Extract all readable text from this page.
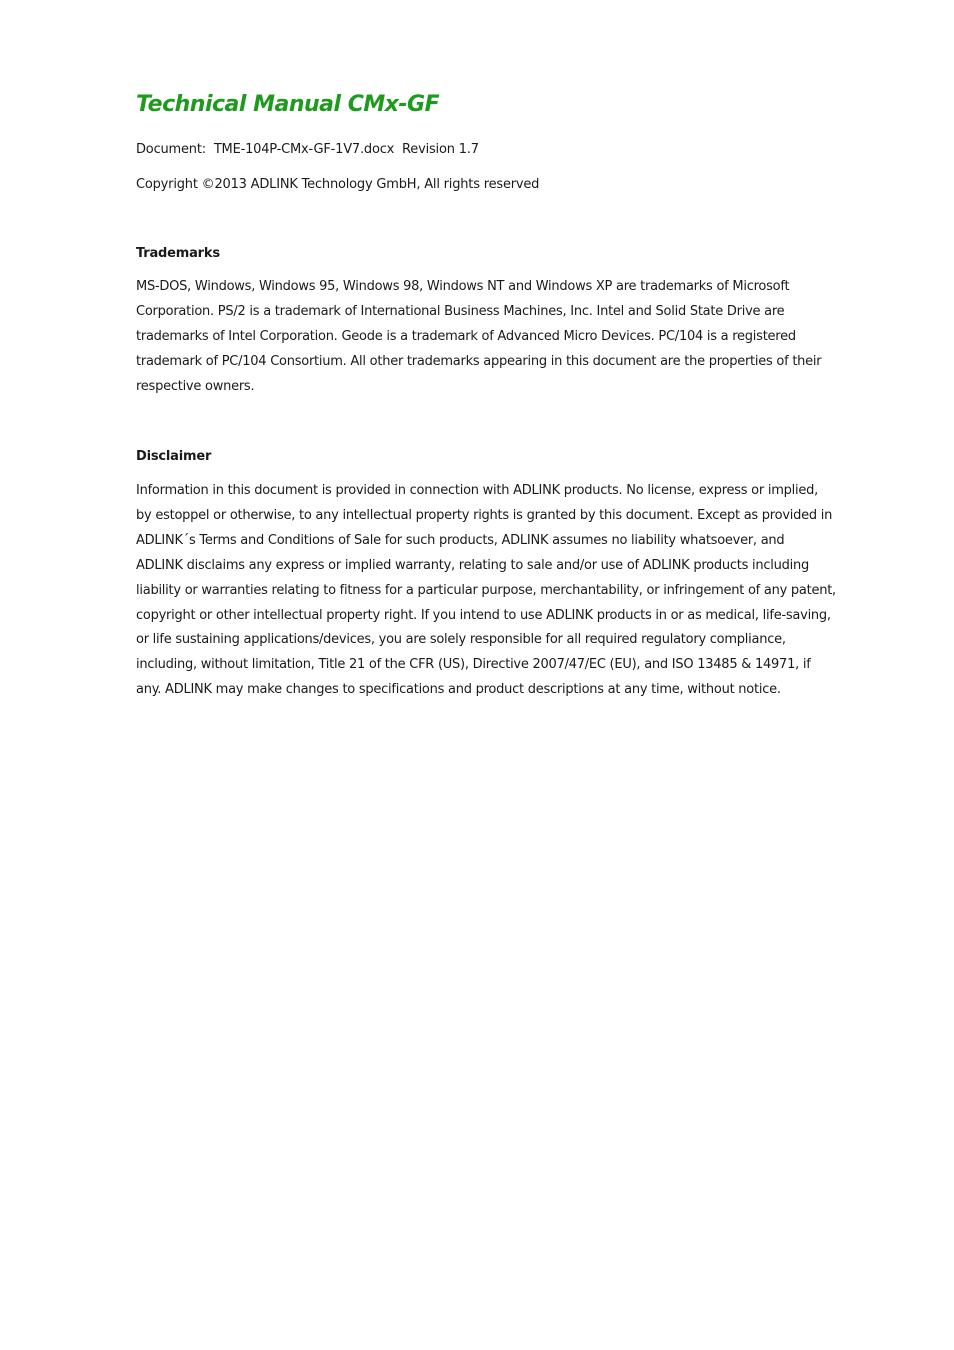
Technical Manual CMx-GF

Document: TME-104P-CMx-GF-1V7.docx Revision 1.7

Copyright ©2013 ADLINK Technology GmbH, All rights reserved

Trademarks
MS-DOS, Windows, Windows 95, Windows 98, Windows NT and Windows XP are trademarks of Microsoft
Corporation. PS/2 is a trademark of International Business Machines, Inc. Intel and Solid State Drive are
trademarks of Intel Corporation. Geode is a trademark of Advanced Micro Devices. PC/104 is a registered
trademark of PC/104 Consortium. All other trademarks appearing in this document are the properties of their
respective owners.
Disclaimer
Information in this document is provided in connection with ADLINK products. No license, express or implied,
by estoppel or otherwise, to any intellectual property rights is granted by this document. Except as provided in
ADLINK´s Terms and Conditions of Sale for such products, ADLINK assumes no liability whatsoever, and
ADLINK disclaims any express or implied warranty, relating to sale and/or use of ADLINK products including
liability or warranties relating to fitness for a particular purpose, merchantability, or infringement of any patent,
copyright or other intellectual property right. If you intend to use ADLINK products in or as medical, life-saving,
or life sustaining applications/devices, you are solely responsible for all required regulatory compliance,
including, without limitation, Title 21 of the CFR (US), Directive 2007/47/EC (EU), and ISO 13485 & 14971, if
any. ADLINK may make changes to specifications and product descriptions at any time, without notice.
